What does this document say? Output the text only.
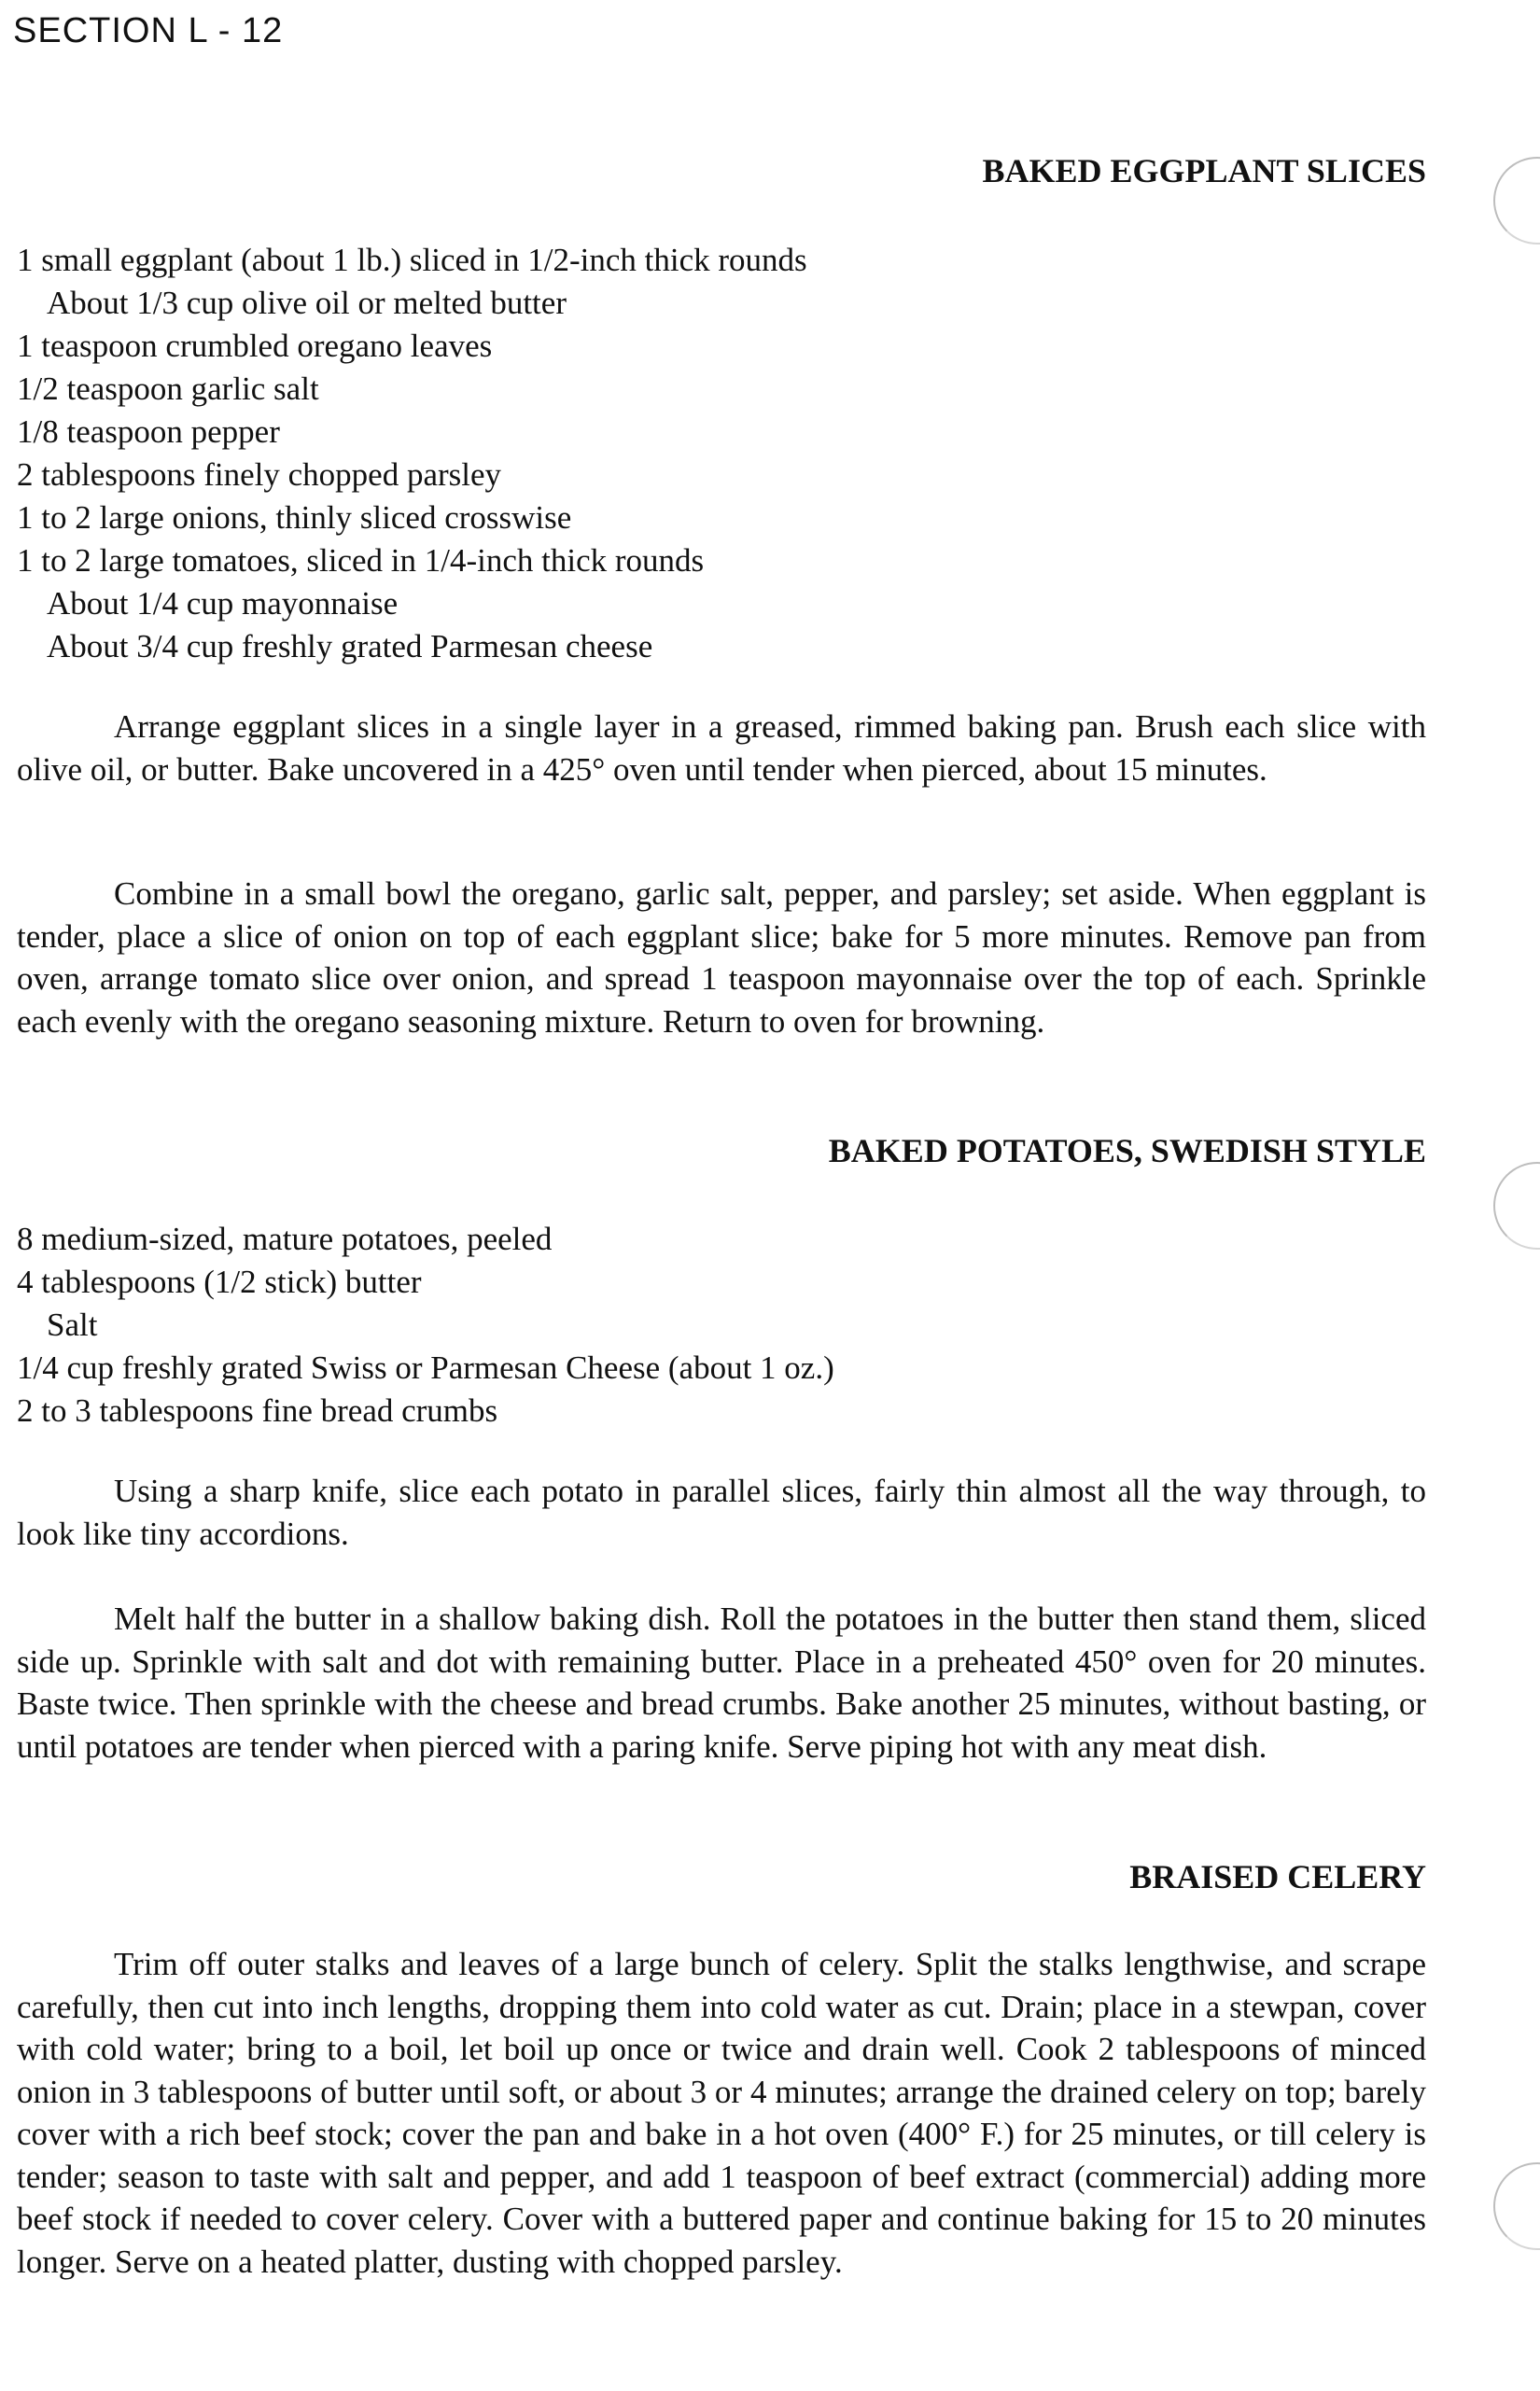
SECTION L - 12
BAKED EGGPLANT SLICES
1 small eggplant (about 1 lb.) sliced in 1/2-inch thick rounds
About 1/3 cup olive oil or melted butter
1 teaspoon crumbled oregano leaves
1/2 teaspoon garlic salt
1/8 teaspoon pepper
2 tablespoons finely chopped parsley
1 to 2 large onions, thinly sliced crosswise
1 to 2 large tomatoes, sliced in 1/4-inch thick rounds
About 1/4 cup mayonnaise
About 3/4 cup freshly grated Parmesan cheese

Arrange eggplant slices in a single layer in a greased, rimmed baking pan. Brush each slice with olive oil, or butter. Bake uncovered in a 425° oven until tender when pierced, about 15 minutes.

Combine in a small bowl the oregano, garlic salt, pepper, and parsley; set aside. When eggplant is tender, place a slice of onion on top of each eggplant slice; bake for 5 more minutes. Remove pan from oven, arrange tomato slice over onion, and spread 1 teaspoon mayonnaise over the top of each. Sprinkle each evenly with the oregano seasoning mixture. Return to oven for browning.

BAKED POTATOES, SWEDISH STYLE
8 medium-sized, mature potatoes, peeled
4 tablespoons (1/2 stick) butter
Salt
1/4 cup freshly grated Swiss or Parmesan Cheese (about 1 oz.)
2 to 3 tablespoons fine bread crumbs

Using a sharp knife, slice each potato in parallel slices, fairly thin almost all the way through, to look like tiny accordions.

Melt half the butter in a shallow baking dish. Roll the potatoes in the butter then stand them, sliced side up. Sprinkle with salt and dot with remaining butter. Place in a preheated 450° oven for 20 minutes. Baste twice. Then sprinkle with the cheese and bread crumbs. Bake another 25 minutes, without basting, or until potatoes are tender when pierced with a paring knife. Serve piping hot with any meat dish.

BRAISED CELERY

Trim off outer stalks and leaves of a large bunch of celery. Split the stalks lengthwise, and scrape carefully, then cut into inch lengths, dropping them into cold water as cut. Drain; place in a stewpan, cover with cold water; bring to a boil, let boil up once or twice and drain well. Cook 2 tablespoons of minced onion in 3 tablespoons of butter until soft, or about 3 or 4 minutes; arrange the drained celery on top; barely cover with a rich beef stock; cover the pan and bake in a hot oven (400° F.) for 25 minutes, or till celery is tender; season to taste with salt and pepper, and add 1 teaspoon of beef extract (commercial) adding more beef stock if needed to cover celery. Cover with a buttered paper and continue baking for 15 to 20 minutes longer. Serve on a heated platter, dusting with chopped parsley.
